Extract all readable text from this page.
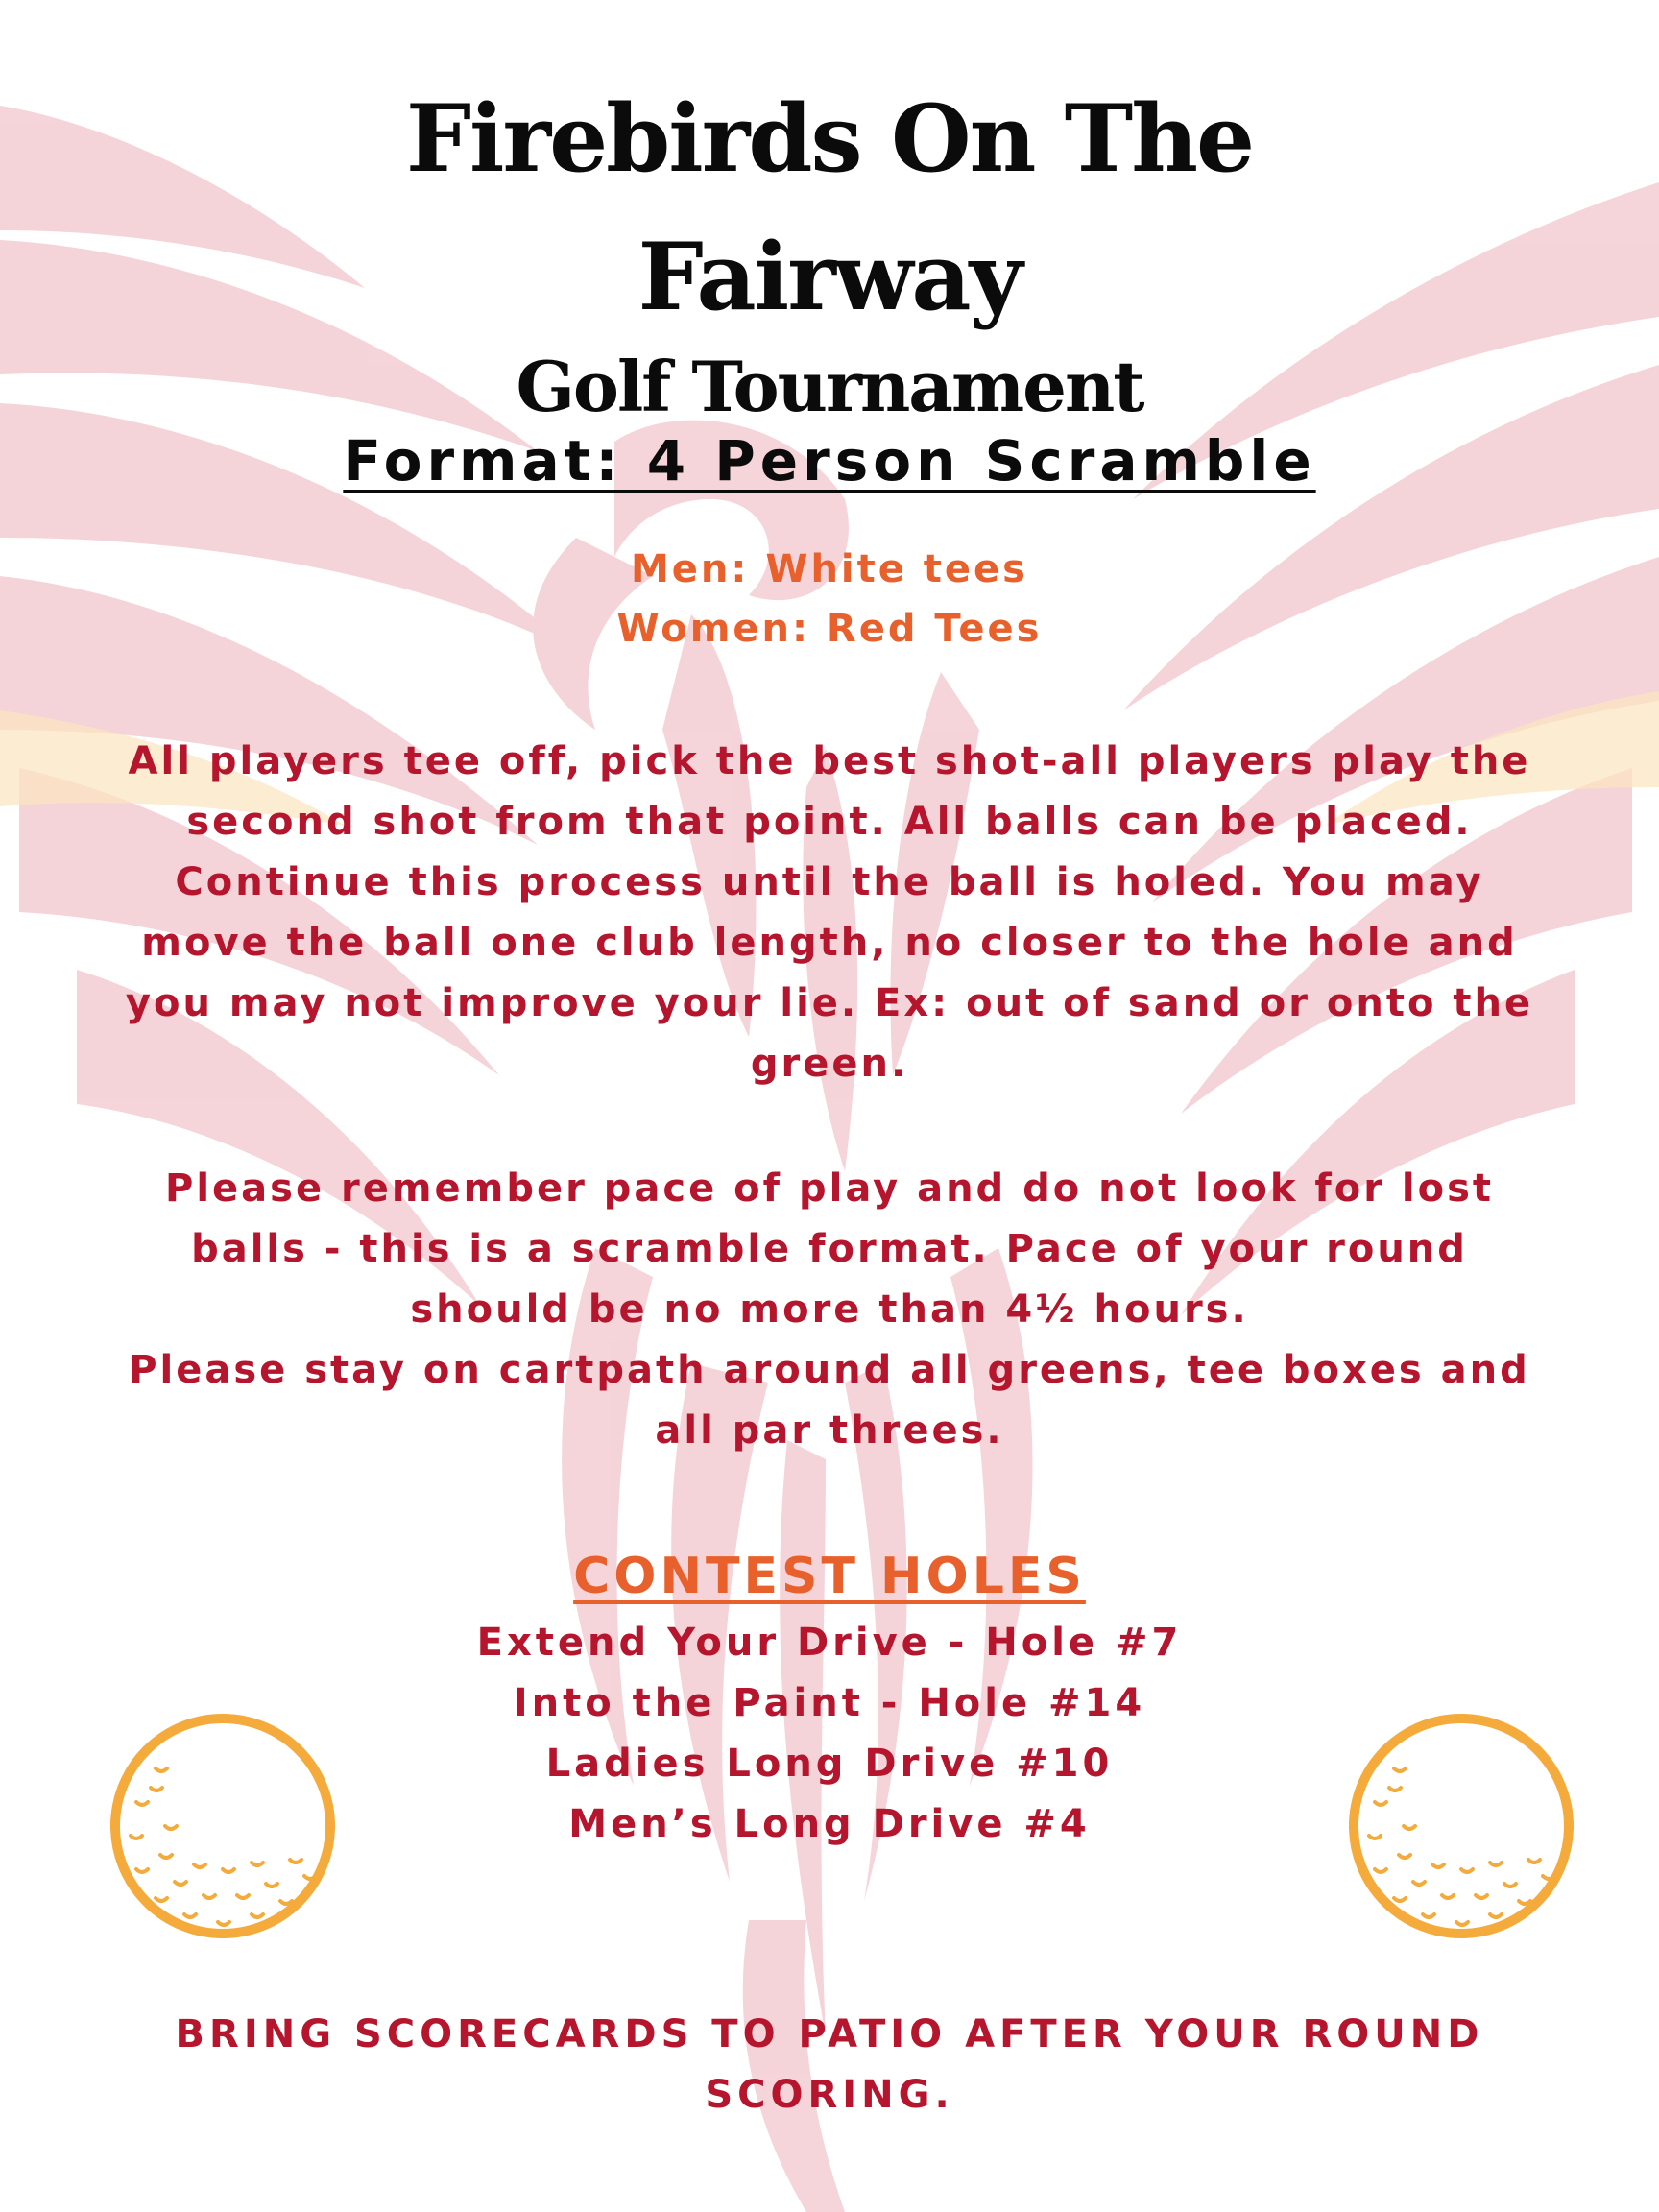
Firebirds On The
Fairway
Golf Tournament
Format: 4 Person Scramble
Men: White tees
Women: Red Tees
All players tee off, pick the best shot-all players play the
second shot from that point. All balls can be placed.
Continue this process until the ball is holed. You may
move the ball one club length, no closer to the hole and
you may not improve your lie. Ex: out of sand or onto the
green.
Please remember pace of play and do not look for lost
balls - this is a scramble format. Pace of your round
should be no more than 4½ hours.
Please stay on cartpath around all greens, tee boxes and
all par threes.
CONTEST HOLES
Extend Your Drive - Hole #7
Into the Paint - Hole #14
Ladies Long Drive #10
Men’s Long Drive #4
BRING SCORECARDS TO PATIO AFTER YOUR ROUND
SCORING.
